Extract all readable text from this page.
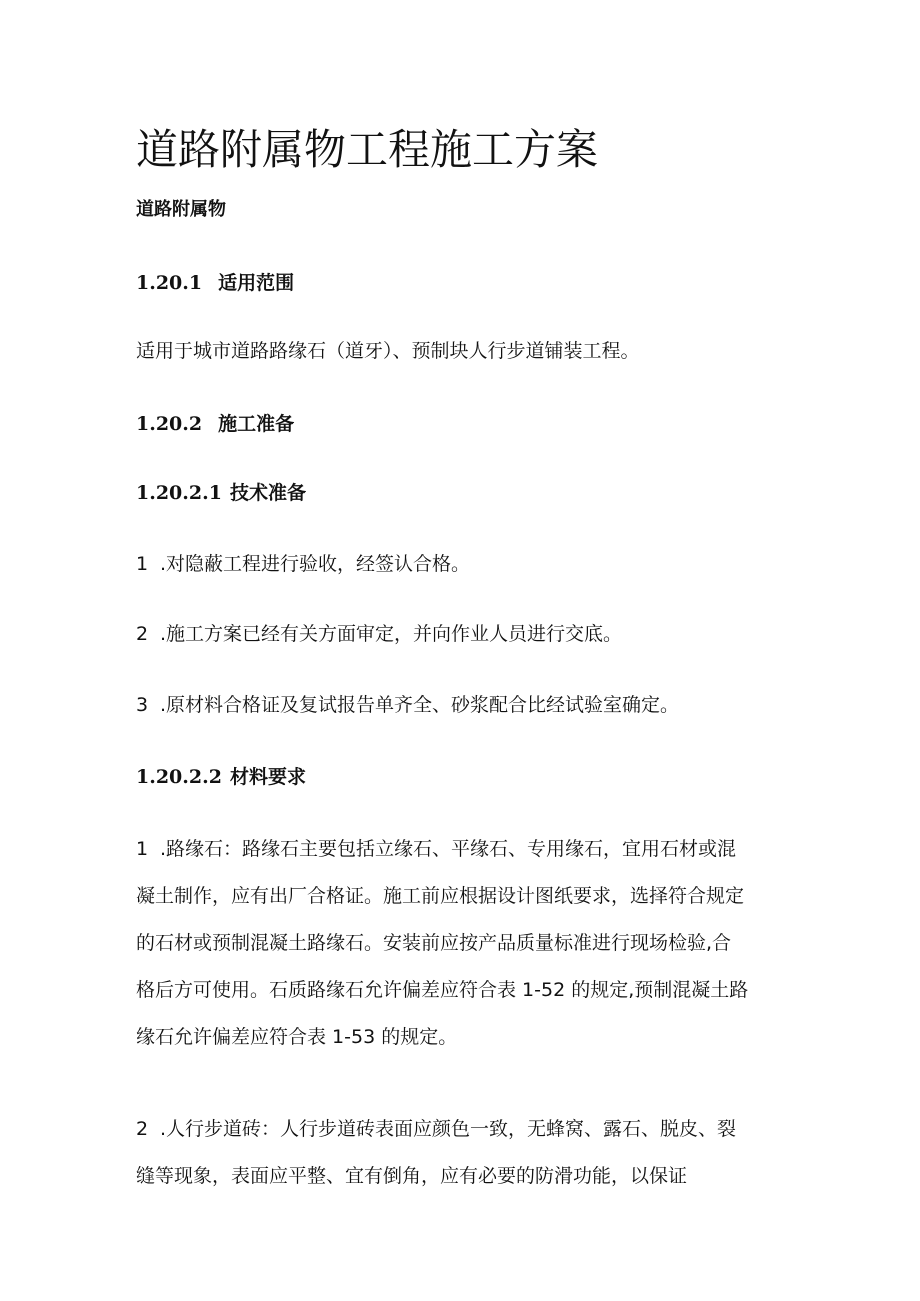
道路附属物工程施工方案

道路附属物

1.20.1 适用范围

适用于城市道路路缘石（道牙）、预制块人行步道铺装工程。

1.20.2 施工准备

1.20.2.1 技术准备

1 .对隐蔽工程进行验收，经签认合格。

2 .施工方案已经有关方面审定，并向作业人员进行交底。

3 .原材料合格证及复试报告单齐全、砂浆配合比经试验室确定。

1.20.2.2 材料要求

1 .路缘石：路缘石主要包括立缘石、平缘石、专用缘石，宜用石材或混
凝土制作，应有出厂合格证。施工前应根据设计图纸要求，选择符合规定
的石材或预制混凝土路缘石。安装前应按产品质量标准进行现场检验,合
格后方可使用。石质路缘石允许偏差应符合表 1-52 的规定,预制混凝土路
缘石允许偏差应符合表 1-53 的规定。
2 .人行步道砖：人行步道砖表面应颜色一致，无蜂窝、露石、脱皮、裂
缝等现象，表面应平整、宜有倒角，应有必要的防滑功能，以保证
